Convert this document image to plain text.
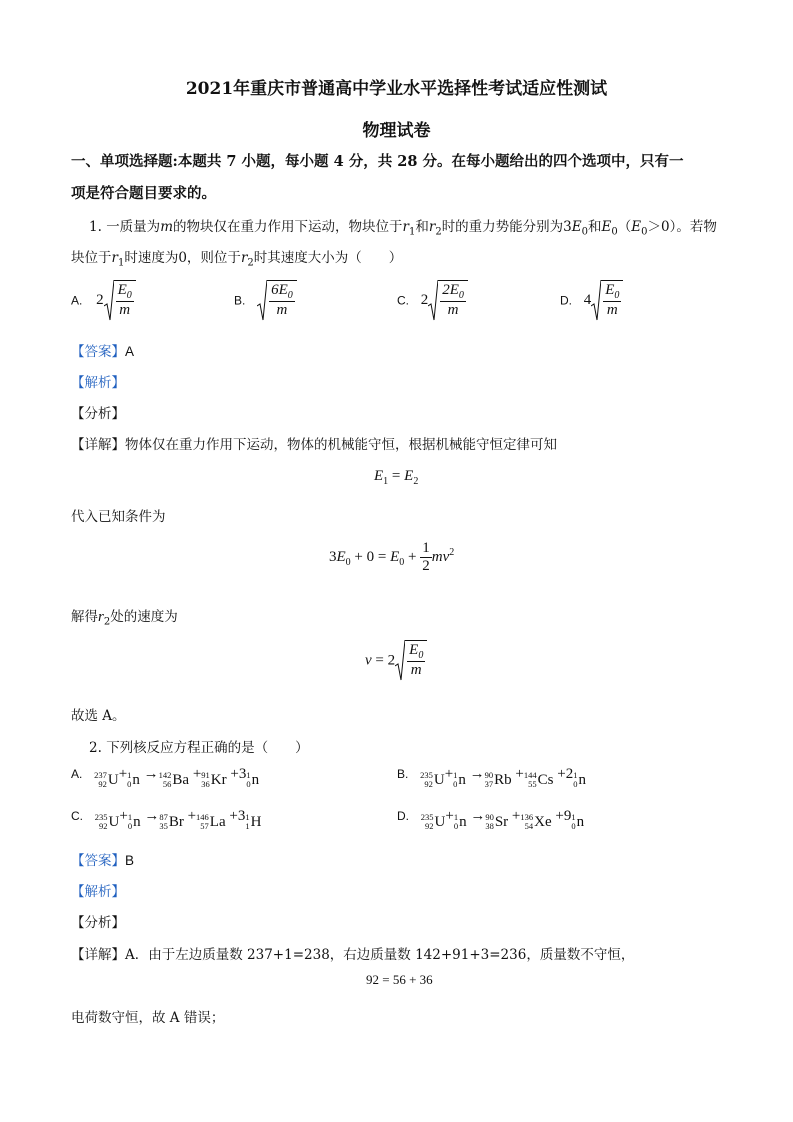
2021年重庆市普通高中学业水平选择性考试适应性测试
物理试卷
一、单项选择题:本题共 7 小题，每小题 4 分，共 28 分。在每小题给出的四个选项中，只有一
项是符合题目要求的。
1. 一质量为m的物块仅在重力作用下运动，物块位于$r_1$和$r_2$时的重力势能分别为$3E_0$和$E_0(E_0>0)$。若物
块位于$r_1$时速度为0，则位于$r_2$时其速度大小为（　　）
A. $2 \frac{E_0}{m}$	B. $\frac{6E_0}{m}$	C. $2 \frac{2E_0}{m}$	D. $4 \frac{E_0}{m}$
【答案】A
【解析】
【分析】
【详解】物体仅在重力作用下运动，物体的机械能守恒，根据机械能守恒定律可知
$E_1 = E_2$
代入已知条件为
$3E_0 + 0 = E_0 + \frac{1}{2} mv^2$
解得$r_2$处的速度为
$v = 2 \frac{E_0}{m}$
故选 A。
2. 下列核反应方程正确的是（　　）
A. 237
92 U + 1
0 n → 142
56 Ba + 91
36 Kr +3 1
0 n	B. 235
92 U + 1
0 n → 90
37 Rb + 144
55 Cs +2 1
0 n
C. 235
92 U + 1
0 n → 87
35 Br + 146
57 La +3 1
1 H	D. 235
92 U + 1
0 n → 90
38 Sr + 136
54 Xe +9 1
0 n
【答案】B
【解析】
【分析】
【详解】A．由于左边质量数 237+1=238，右边质量数 142+91+3=236，质量数不守恒，
92 = 56 + 36
电荷数守恒，故 A 错误；
